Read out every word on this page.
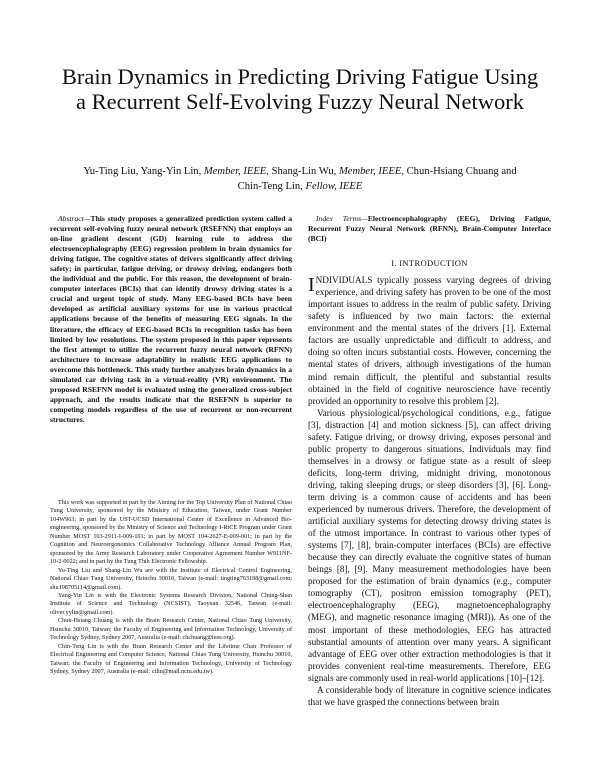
Brain Dynamics in Predicting Driving Fatigue Using a Recurrent Self-Evolving Fuzzy Neural Network
Yu-Ting Liu, Yang-Yin Lin, Member, IEEE, Shang-Lin Wu, Member, IEEE, Chun-Hsiang Chuang and
Chin-Teng Lin, Fellow, IEEE

Abstract—This study proposes a generalized prediction system called a recurrent self-evolving fuzzy neural network (RSEFNN) that employs an on-line gradient descent (GD) learning rule to address the electroencephalography (EEG) regression problem in brain dynamics for driving fatigue. The cognitive states of drivers significantly affect driving safety; in particular, fatigue driving, or drowsy driving, endangers both the individual and the public. For this reason, the development of brain-computer interfaces (BCIs) that can identify drowsy driving states is a crucial and urgent topic of study. Many EEG-based BCIs have been developed as artificial auxiliary systems for use in various practical applications because of the benefits of measuring EEG signals. In the literature, the efficacy of EEG-based BCIs in recognition tasks has been limited by low resolutions. The system proposed in this paper represents the first attempt to utilize the recurrent fuzzy neural network (RFNN) architecture to increase adaptability in realistic EEG applications to overcome this bottleneck. This study further analyzes brain dynamics in a simulated car driving task in a virtual-reality (VR) environment. The proposed RSEFNN model is evaluated using the generalized cross-subject approach, and the results indicate that the RSEFNN is superior to competing models regardless of the use of recurrent or non-recurrent structures.

This work was supported in part by the Aiming for the Top University Plan of National Chiao Tung University, sponsored by the Ministry of Education, Taiwan, under Grant Number 104W963; in part by the UST-UCSD International Center of Excellence in Advanced Bio-engineering, sponsored by the Ministry of Science and Technology I-RiCE Program under Grant Number MOST 103-2911-I-009-101; in part by MOST 104-2627-E-009-001; in part by the Cognition and Neuroergonomics Collaborative Technology Alliance Annual Program Plan, sponsored by the Army Research Laboratory under Cooperative Agreement Number W911NF-10-2-0022; and in part by the Tung Thih Electronic Fellowship.

Yu-Ting Liu and Shang-Lin Wu are with the Institute of Electrical Control Engineering, National Chiao Tung University, Hsinchu 30010, Taiwan (e-mail: tingting763198@gmail.com; shu198705114@gmail.com).

Yang-Yin Lin is with the Electronic Systems Research Division, National Chung-Shan Institute of Science and Technology (NCSIST), Taoyuan 32546, Taiwan (e-mail: oliver.yylin@gmail.com).

Chun-Hsiang Chuang is with the Brain Research Center, National Chiao Tung University, Hsinchu 30010, Taiwan; the Faculty of Engineering and Information Technology, University of Technology Sydney, Sydney 2007, Australia (e-mail: chchuang@ieee.org).

Chin-Teng Lin is with the Brain Research Center and the Lifetime Chair Professor of Electrical Engineering and Computer Science, National Chiao Tung University, Hsinchu 30010, Taiwan; the Faculty of Engineering and Information Technology, University of Technology Sydney, Sydney 2007, Australia (e-mail: ctlin@mail.nctu.edu.tw).

Index Terms—Electroencephalography (EEG), Driving Fatigue, Recurrent Fuzzy Neural Network (RFNN), Brain-Computer Interface (BCI)

I. INTRODUCTION

INDIVIDUALS typically possess varying degrees of driving experience, and driving safety has proven to be one of the most important issues to address in the realm of public safety. Driving safety is influenced by two main factors: the external environment and the mental states of the drivers [1]. External factors are usually unpredictable and difficult to address, and doing so often incurs substantial costs. However, concerning the mental states of drivers, although investigations of the human mind remain difficult, the plentiful and substantial results obtained in the field of cognitive neuroscience have recently provided an opportunity to resolve this problem [2].

Various physiological/psychological conditions, e.g., fatigue [3], distraction [4] and motion sickness [5], can affect driving safety. Fatigue driving, or drowsy driving, exposes personal and public property to dangerous situations. Individuals may find themselves in a drowsy or fatigue state as a result of sleep deficits, long-term driving, midnight driving, monotonous driving, taking sleeping drugs, or sleep disorders [3], [6]. Long-term driving is a common cause of accidents and has been experienced by numerous drivers. Therefore, the development of artificial auxiliary systems for detecting drowsy driving states is of the utmost importance. In contrast to various other types of systems [7], [8], brain-computer interfaces (BCIs) are effective because they can directly evaluate the cognitive states of human beings [8], [9]. Many measurement methodologies have been proposed for the estimation of brain dynamics (e.g., computer tomography (CT), positron emission tomography (PET), electroencephalography (EEG), magnetoencephalography (MEG), and magnetic resonance imaging (MRI)). As one of the most important of these methodologies, EEG has attracted substantial amounts of attention over many years. A significant advantage of EEG over other extraction methodologies is that it provides convenient real-time measurements. Therefore, EEG signals are commonly used in real-world applications [10]–[12].

A considerable body of literature in cognitive science indicates that we have grasped the connections between brain
